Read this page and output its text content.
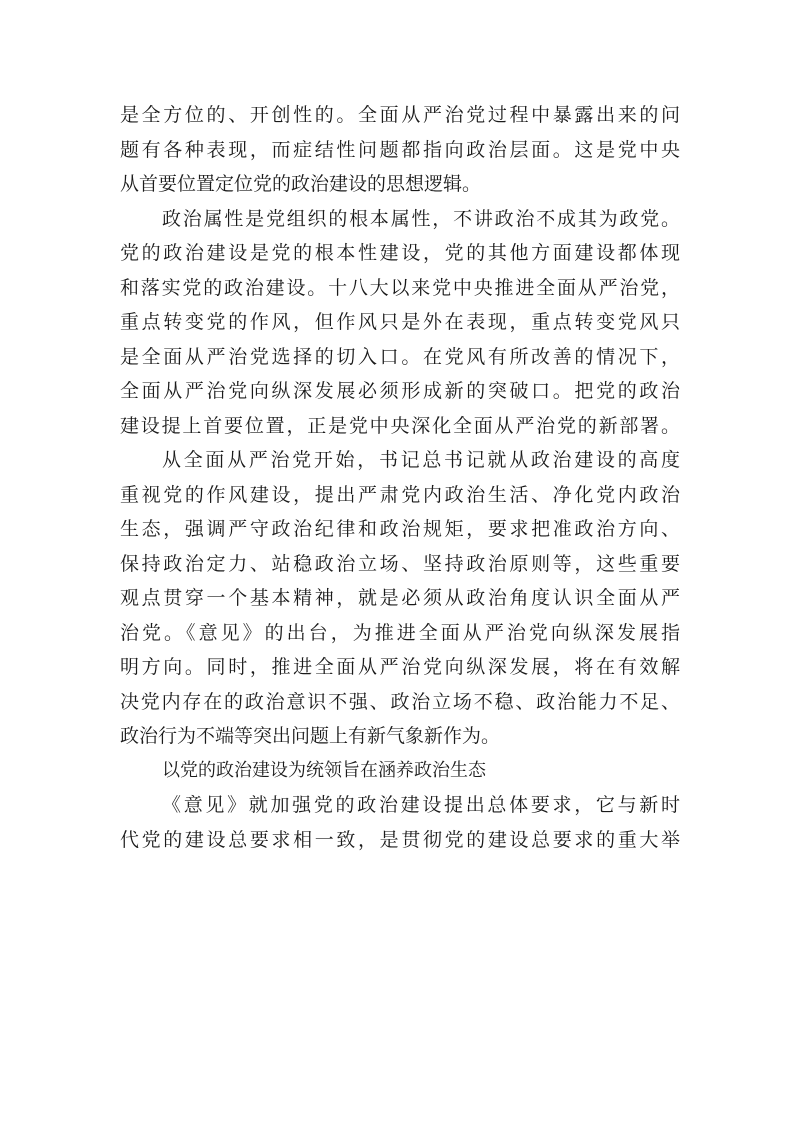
是全方位的、开创性的。全面从严治党过程中暴露出来的问
题有各种表现，而症结性问题都指向政治层面。这是党中央
从首要位置定位党的政治建设的思想逻辑。
政治属性是党组织的根本属性，不讲政治不成其为政党。
党的政治建设是党的根本性建设，党的其他方面建设都体现
和落实党的政治建设。十八大以来党中央推进全面从严治党，
重点转变党的作风，但作风只是外在表现，重点转变党风只
是全面从严治党选择的切入口。在党风有所改善的情况下，
全面从严治党向纵深发展必须形成新的突破口。把党的政治
建设提上首要位置，正是党中央深化全面从严治党的新部署。
从全面从严治党开始，书记总书记就从政治建设的高度
重视党的作风建设，提出严肃党内政治生活、净化党内政治
生态，强调严守政治纪律和政治规矩，要求把准政治方向、
保持政治定力、站稳政治立场、坚持政治原则等，这些重要
观点贯穿一个基本精神，就是必须从政治角度认识全面从严
治党。《意见》的出台，为推进全面从严治党向纵深发展指
明方向。同时，推进全面从严治党向纵深发展，将在有效解
决党内存在的政治意识不强、政治立场不稳、政治能力不足、
政治行为不端等突出问题上有新气象新作为。
以党的政治建设为统领旨在涵养政治生态
《意见》就加强党的政治建设提出总体要求，它与新时
代党的建设总要求相一致，是贯彻党的建设总要求的重大举
